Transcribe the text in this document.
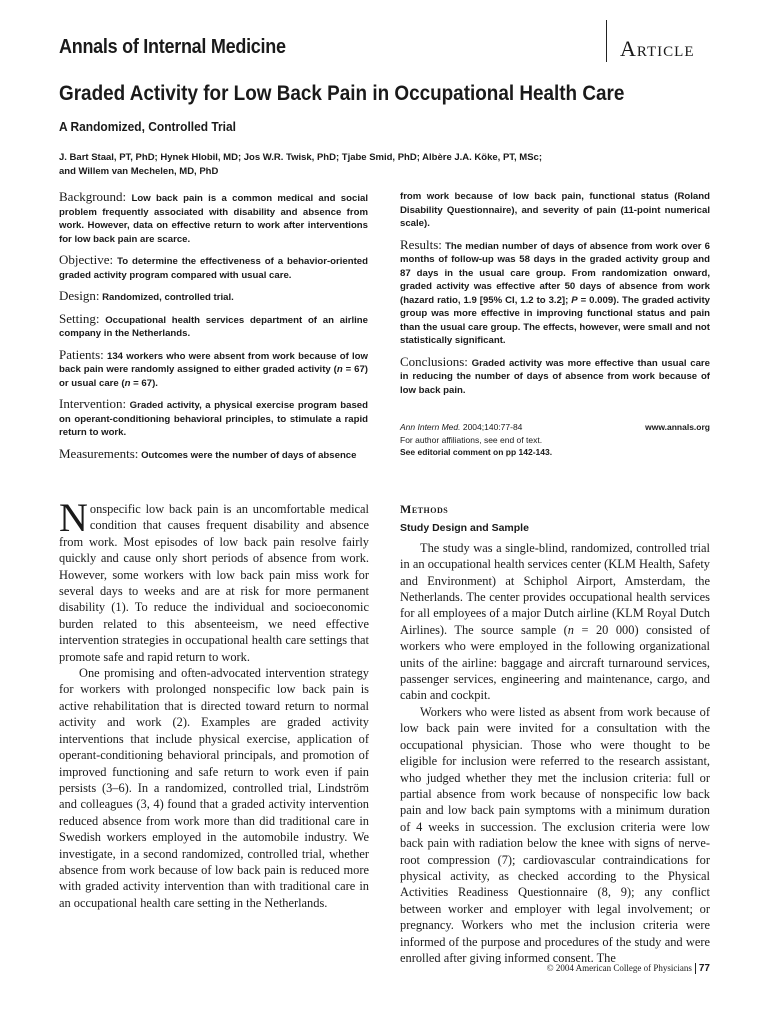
Annals of Internal Medicine	Article
Graded Activity for Low Back Pain in Occupational Health Care
A Randomized, Controlled Trial
J. Bart Staal, PT, PhD; Hynek Hlobil, MD; Jos W.R. Twisk, PhD; Tjabe Smid, PhD; Albère J.A. Köke, PT, MSc;
and Willem van Mechelen, MD, PhD

Background: Low back pain is a common medical and social problem frequently associated with disability and absence from work. However, data on effective return to work after interventions for low back pain are scarce.

Objective: To determine the effectiveness of a behavior-oriented graded activity program compared with usual care.

Design: Randomized, controlled trial.

Setting: Occupational health services department of an airline company in the Netherlands.

Patients: 134 workers who were absent from work because of low back pain were randomly assigned to either graded activity (n = 67) or usual care (n = 67).

Intervention: Graded activity, a physical exercise program based on operant-conditioning behavioral principles, to stimulate a rapid return to work.

Measurements: Outcomes were the number of days of absence

from work because of low back pain, functional status (Roland Disability Questionnaire), and severity of pain (11-point numerical scale).

Results: The median number of days of absence from work over 6 months of follow-up was 58 days in the graded activity group and 87 days in the usual care group. From randomization onward, graded activity was effective after 50 days of absence from work (hazard ratio, 1.9 [95% CI, 1.2 to 3.2]; P = 0.009). The graded activity group was more effective in improving functional status and pain than the usual care group. The effects, however, were small and not statistically significant.

Conclusions: Graded activity was more effective than usual care in reducing the number of days of absence from work because of low back pain.

Ann Intern Med. 2004;140:77-84	www.annals.org
For author affiliations, see end of text.
See editorial comment on pp 142-143.

Nonspecific low back pain is an uncomfortable medical condition that causes frequent disability and absence from work. Most episodes of low back pain resolve fairly quickly and cause only short periods of absence from work. However, some workers with low back pain miss work for several days to weeks and are at risk for more permanent disability (1). To reduce the individual and socioeconomic burden related to this absenteeism, we need effective intervention strategies in occupational health care settings that promote safe and rapid return to work.

One promising and often-advocated intervention strategy for workers with prolonged nonspecific low back pain is active rehabilitation that is directed toward return to normal activity and work (2). Examples are graded activity interventions that include physical exercise, application of operant-conditioning behavioral principals, and promotion of improved functioning and safe return to work even if pain persists (3–6). In a randomized, controlled trial, Lindström and colleagues (3, 4) found that a graded activity intervention reduced absence from work more than did traditional care in Swedish workers employed in the automobile industry. We investigate, in a second randomized, controlled trial, whether absence from work because of low back pain is reduced more with graded activity intervention than with traditional care in an occupational health care setting in the Netherlands.

Methods
Study Design and Sample

The study was a single-blind, randomized, controlled trial in an occupational health services center (KLM Health, Safety and Environment) at Schiphol Airport, Amsterdam, the Netherlands. The center provides occupational health services for all employees of a major Dutch airline (KLM Royal Dutch Airlines). The source sample (n = 20 000) consisted of workers who were employed in the following organizational units of the airline: baggage and aircraft turnaround services, passenger services, engineering and maintenance, cargo, and cabin and cockpit.

Workers who were listed as absent from work because of low back pain were invited for a consultation with the occupational physician. Those who were thought to be eligible for inclusion were referred to the research assistant, who judged whether they met the inclusion criteria: full or partial absence from work because of nonspecific low back pain and low back pain symptoms with a minimum duration of 4 weeks in succession. The exclusion criteria were low back pain with radiation below the knee with signs of nerve-root compression (7); cardiovascular contraindications for physical activity, as checked according to the Physical Activities Readiness Questionnaire (8, 9); any conflict between worker and employer with legal involvement; or pregnancy. Workers who met the inclusion criteria were informed of the purpose and procedures of the study and were enrolled after giving informed consent. The

© 2004 American College of Physicians 77
